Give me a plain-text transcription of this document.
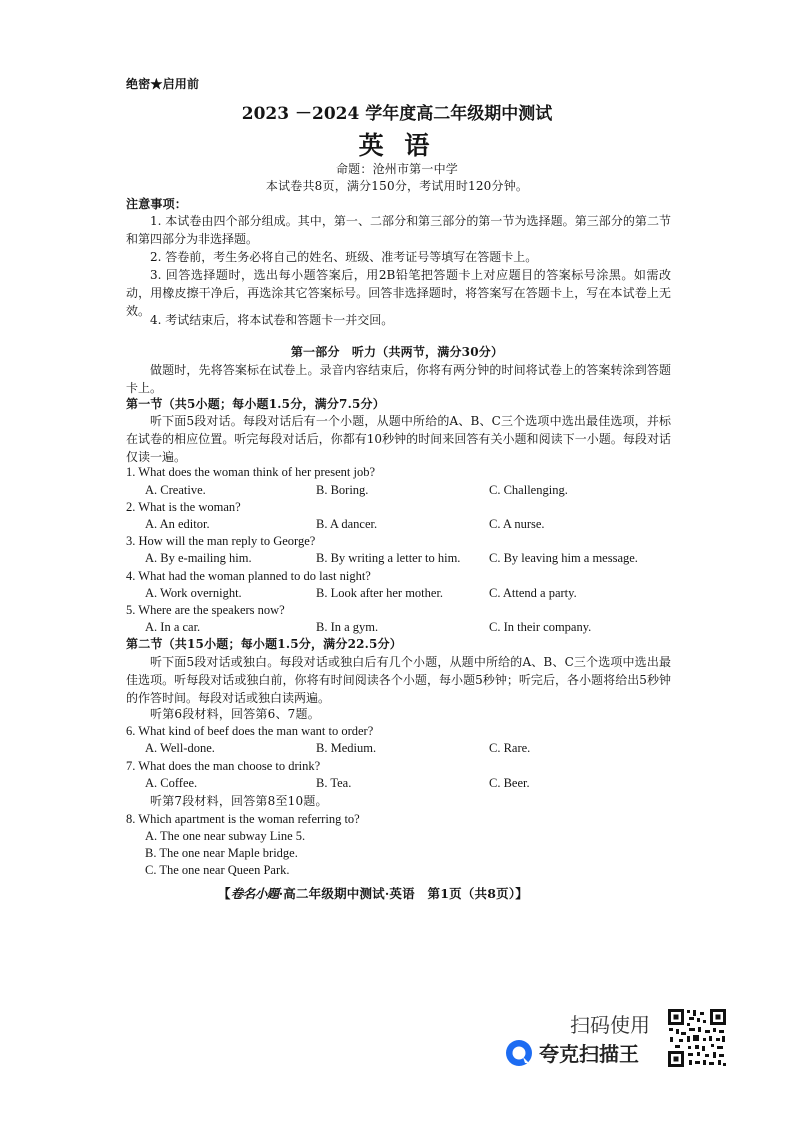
绝密★启用前
2023 －2024 学年度高二年级期中测试
英 语
命题：沧州市第一中学
本试卷共8页，满分150分，考试用时120分钟。
注意事项：
1. 本试卷由四个部分组成。其中，第一、二部分和第三部分的第一节为选择题。第三部分的第二节和第四部分为非选择题。
2. 答卷前，考生务必将自己的姓名、班级、准考证号等填写在答题卡上。
3. 回答选择题时，选出每小题答案后，用2B铅笔把答题卡上对应题目的答案标号涂黑。如需改动，用橡皮擦干净后，再选涂其它答案标号。回答非选择题时，将答案写在答题卡上，写在本试卷上无效。
4. 考试结束后，将本试卷和答题卡一并交回。
第一部分　听力（共两节，满分30分）
做题时，先将答案标在试卷上。录音内容结束后，你将有两分钟的时间将试卷上的答案转涂到答题卡上。
第一节（共5小题；每小题1.5分，满分7.5分）
听下面5段对话。每段对话后有一个小题，从题中所给的A、B、C三个选项中选出最佳选项，并标在试卷的相应位置。听完每段对话后，你都有10秒钟的时间来回答有关小题和阅读下一小题。每段对话仅读一遍。
1. What does the woman think of her present job?
A. Creative.	B. Boring.	C. Challenging.
2. What is the woman?
A. An editor.	B. A dancer.	C. A nurse.
3. How will the man reply to George?
A. By e-mailing him.	B. By writing a letter to him. C. By leaving him a message.
4. What had the woman planned to do last night?
A. Work overnight.	B. Look after her mother.	C. Attend a party.
5. Where are the speakers now?
A. In a car.	B. In a gym.	C. In their company.
第二节（共15小题；每小题1.5分，满分22.5分）
听下面5段对话或独白。每段对话或独白后有几个小题，从题中所给的A、B、C三个选项中选出最佳选项。听每段对话或独白前，你将有时间阅读各个小题，每小题5秒钟；听完后，各小题将给出5秒钟的作答时间。每段对话或独白读两遍。
听第6段材料，回答第6、7题。
6. What kind of beef does the man want to order?
A. Well-done.	B. Medium.	C. Rare.
7. What does the man choose to drink?
A. Coffee.	B. Tea.	C. Beer.
听第7段材料，回答第8至10题。
8. Which apartment is the woman referring to?
A. The one near subway Line 5.
B. The one near Maple bridge.
C. The one near Queen Park.
【卷名小題·高二年级期中测试·英语　第1页（共8页）】
扫码使用
夸克扫描王
